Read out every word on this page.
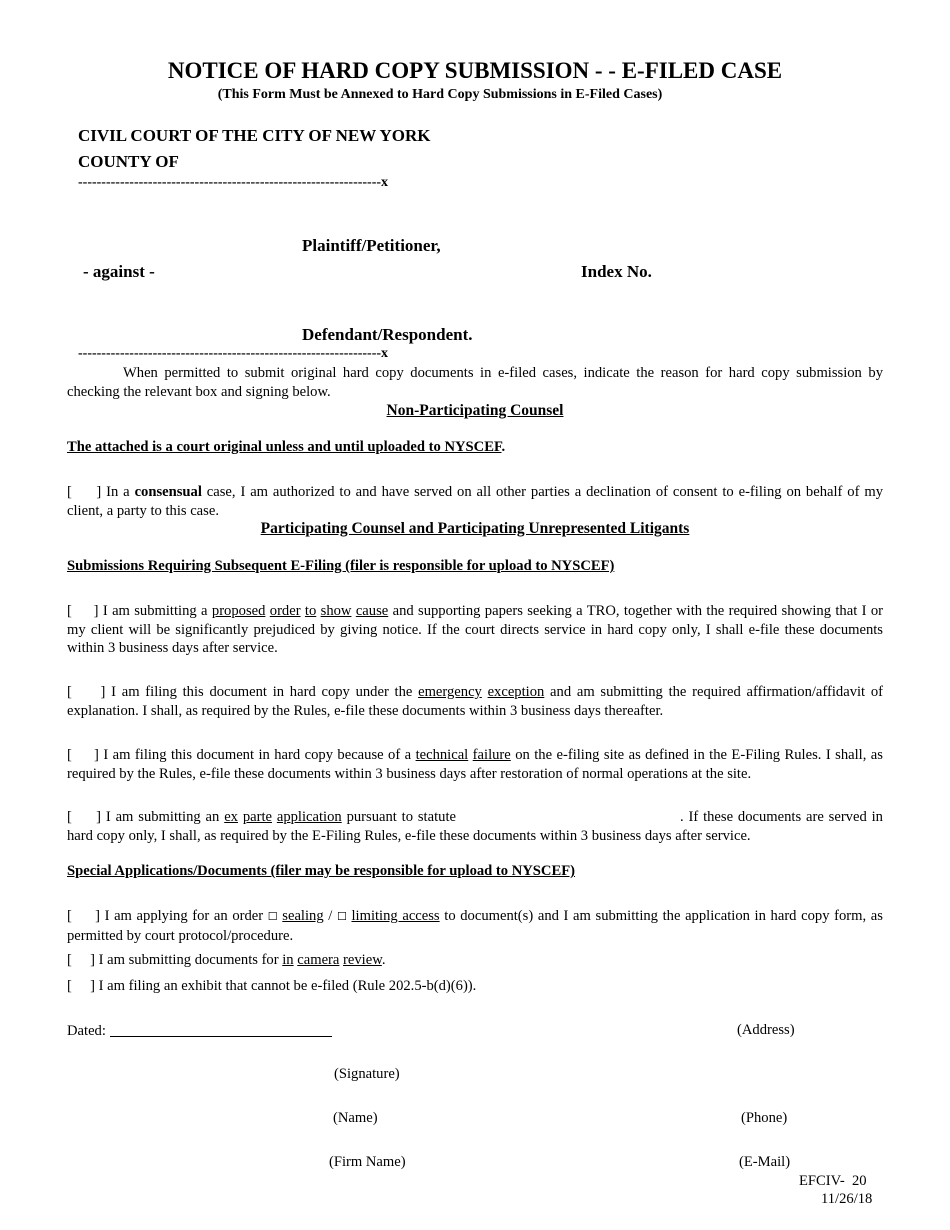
NOTICE OF HARD COPY SUBMISSION - - E-FILED CASE
(This Form Must be Annexed to Hard Copy Submissions in E-Filed Cases)
CIVIL COURT OF THE CITY OF NEW YORK
COUNTY OF
-----------------------------------------------------------------x
Plaintiff/Petitioner,
- against -	Index No.
Defendant/Respondent.
-----------------------------------------------------------------x
When permitted to submit original hard copy documents in e-filed cases, indicate the reason for hard copy submission by checking the relevant box and signing below.
Non-Participating Counsel
The attached is a court original unless and until uploaded to NYSCEF.
[     ] In a consensual case, I am authorized to and have served on all other parties a declination of consent to e-filing on behalf of my client, a party to this case.
Participating Counsel and Participating Unrepresented Litigants
Submissions Requiring Subsequent E-Filing (filer is responsible for upload to NYSCEF)
[     ] I am submitting a proposed order to show cause and supporting papers seeking a TRO, together with the required showing that I or my client will be significantly prejudiced by giving notice. If the court directs service in hard copy only, I shall e-file these documents within 3 business days after service.
[     ] I am filing this document in hard copy under the emergency exception and am submitting the required affirmation/affidavit of explanation. I shall, as required by the Rules, e-file these documents within 3 business days thereafter.
[     ] I am filing this document in hard copy because of a technical failure on the e-filing site as defined in the E-Filing Rules. I shall, as required by the Rules, e-file these documents within 3 business days after restoration of normal operations at the site.
[     ] I am submitting an ex parte application pursuant to statute	. If these documents are served in hard copy only, I shall, as required by the E-Filing Rules, e-file these documents within 3 business days after service.
Special Applications/Documents (filer may be responsible for upload to NYSCEF)
[     ] I am applying for an order ☐ sealing / ☐ limiting access to document(s) and I am submitting the application in hard copy form, as permitted by court protocol/procedure.
[     ] I am submitting documents for in camera review.
[     ] I am filing an exhibit that cannot be e-filed (Rule 202.5-b(d)(6)).
Dated:	(Address)
(Signature)
(Name)	(Phone)
(Firm Name)	(E-Mail)
EFCIV-  20
11/26/18
